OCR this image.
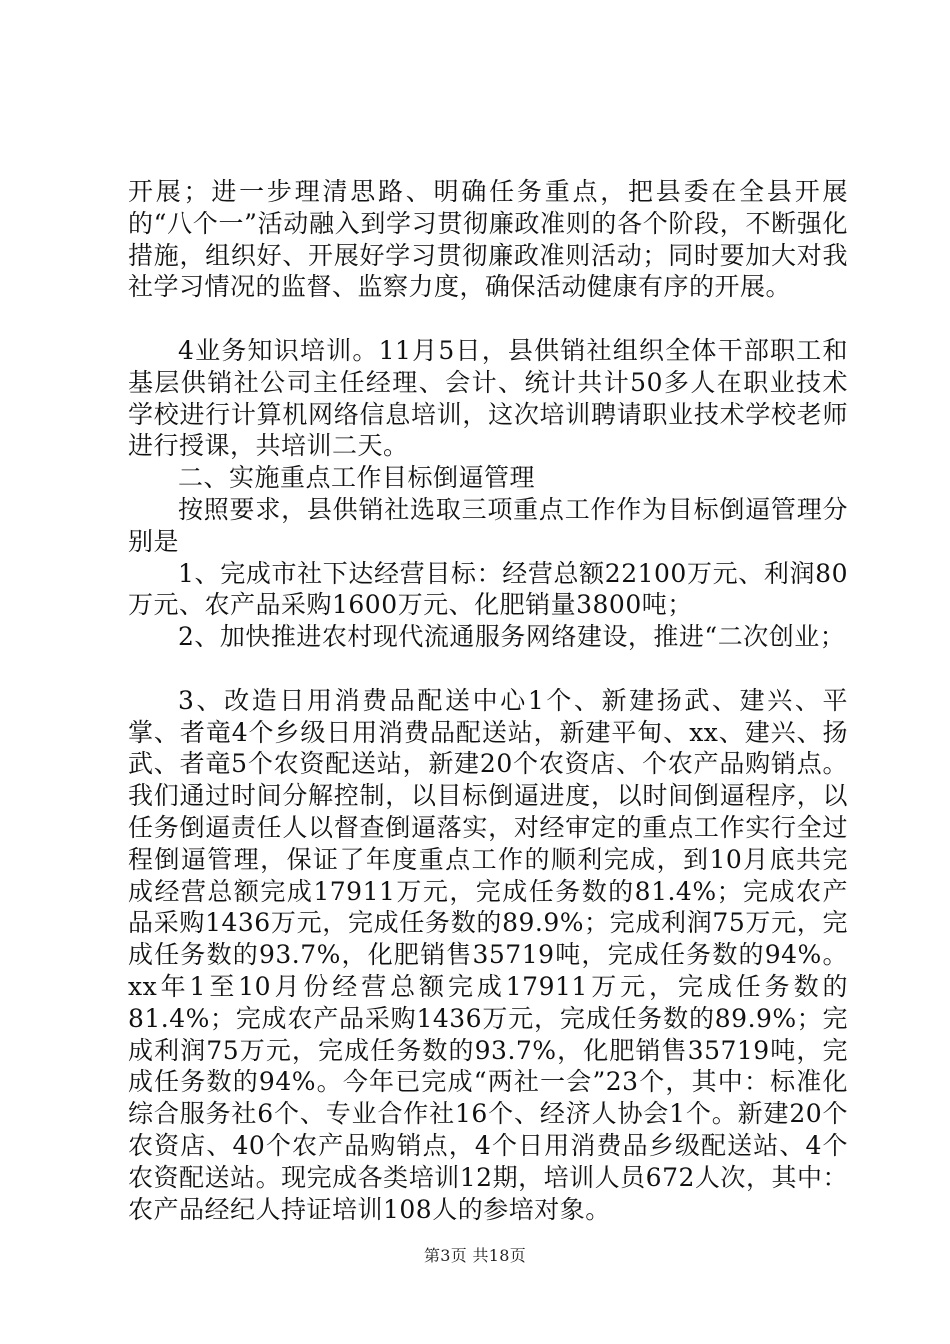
开展；进一步理清思路、明确任务重点，把县委在全县开展的“八个一”活动融入到学习贯彻廉政准则的各个阶段，不断强化措施，组织好、开展好学习贯彻廉政准则活动；同时要加大对我社学习情况的监督、监察力度，确保活动健康有序的开展。

4业务知识培训。11月5日，县供销社组织全体干部职工和基层供销社公司主任经理、会计、统计共计50多人在职业技术学校进行计算机网络信息培训，这次培训聘请职业技术学校老师进行授课，共培训二天。

二、实施重点工作目标倒逼管理

按照要求，县供销社选取三项重点工作作为目标倒逼管理分别是

1、完成市社下达经营目标：经营总额22100万元、利润80万元、农产品采购1600万元、化肥销量3800吨；

2、加快推进农村现代流通服务网络建设，推进“二次创业；

3、改造日用消费品配送中心1个、新建扬武、建兴、平掌、者竜4个乡级日用消费品配送站，新建平甸、xx、建兴、扬武、者竜5个农资配送站，新建20个农资店、个农产品购销点。我们通过时间分解控制，以目标倒逼进度，以时间倒逼程序，以任务倒逼责任人以督查倒逼落实，对经审定的重点工作实行全过程倒逼管理，保证了年度重点工作的顺利完成，到10月底共完成经营总额完成17911万元，完成任务数的81.4%；完成农产品采购1436万元，完成任务数的89.9%；完成利润75万元，完成任务数的93.7%，化肥销售35719吨，完成任务数的94%。xx年1至10月份经营总额完成17911万元，完成任务数的81.4%；完成农产品采购1436万元，完成任务数的89.9%；完成利润75万元，完成任务数的93.7%，化肥销售35719吨，完成任务数的94%。今年已完成“两社一会”23个，其中：标准化综合服务社6个、专业合作社16个、经济人协会1个。新建20个农资店、40个农产品购销点，4个日用消费品乡级配送站、4个农资配送站。现完成各类培训12期，培训人员672人次，其中：农产品经纪人持证培训108人的参培对象。

第3页 共18页
